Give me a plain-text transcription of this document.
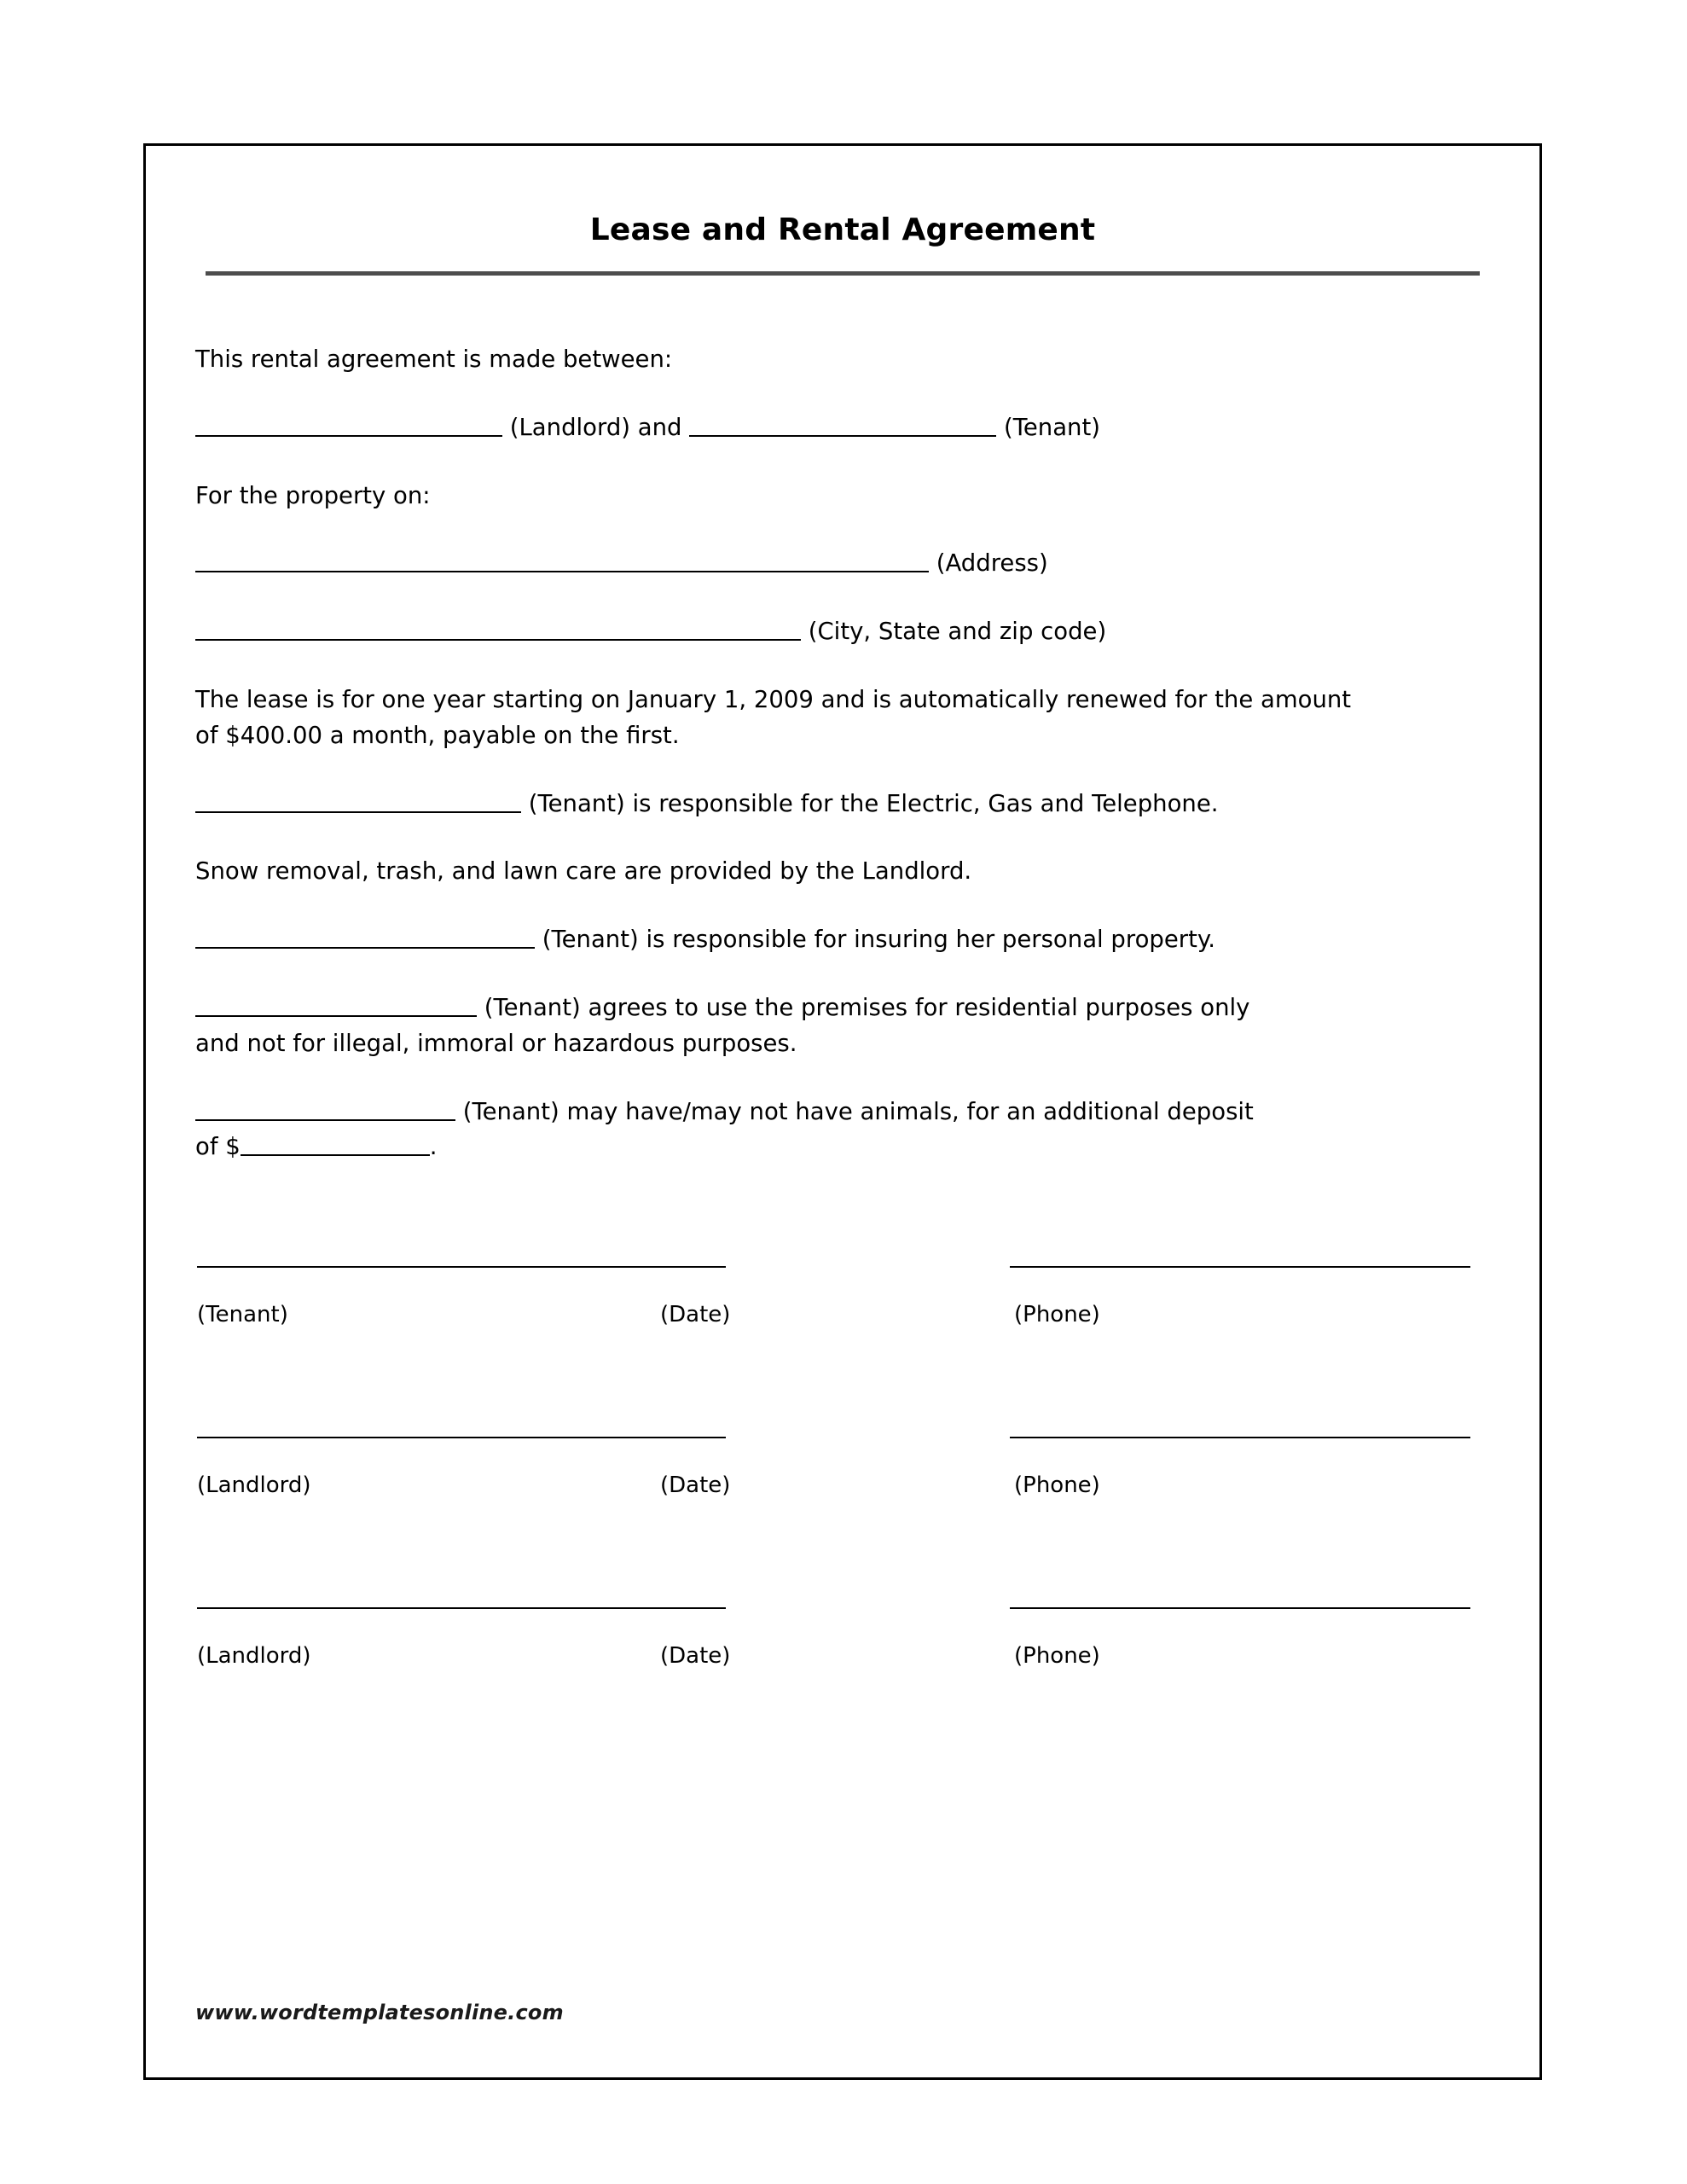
Lease and Rental Agreement

This rental agreement is made between:

(Landlord) and	(Tenant)

For the property on:

(Address)

(City, State and zip code)

The lease is for one year starting on January 1, 2009 and is automatically renewed for the amount
of $400.00 a month, payable on the first.

(Tenant) is responsible for the Electric, Gas and Telephone.

Snow removal, trash, and lawn care are provided by the Landlord.

(Tenant) is responsible for insuring her personal property.

(Tenant) agrees to use the premises for residential purposes only
and not for illegal, immoral or hazardous purposes.

(Tenant) may have/may not have animals, for an additional deposit
of $	.

(Tenant)	(Date)	(Phone)
(Landlord)	(Date)	(Phone)
(Landlord)	(Date)	(Phone)
www.wordtemplatesonline.com
